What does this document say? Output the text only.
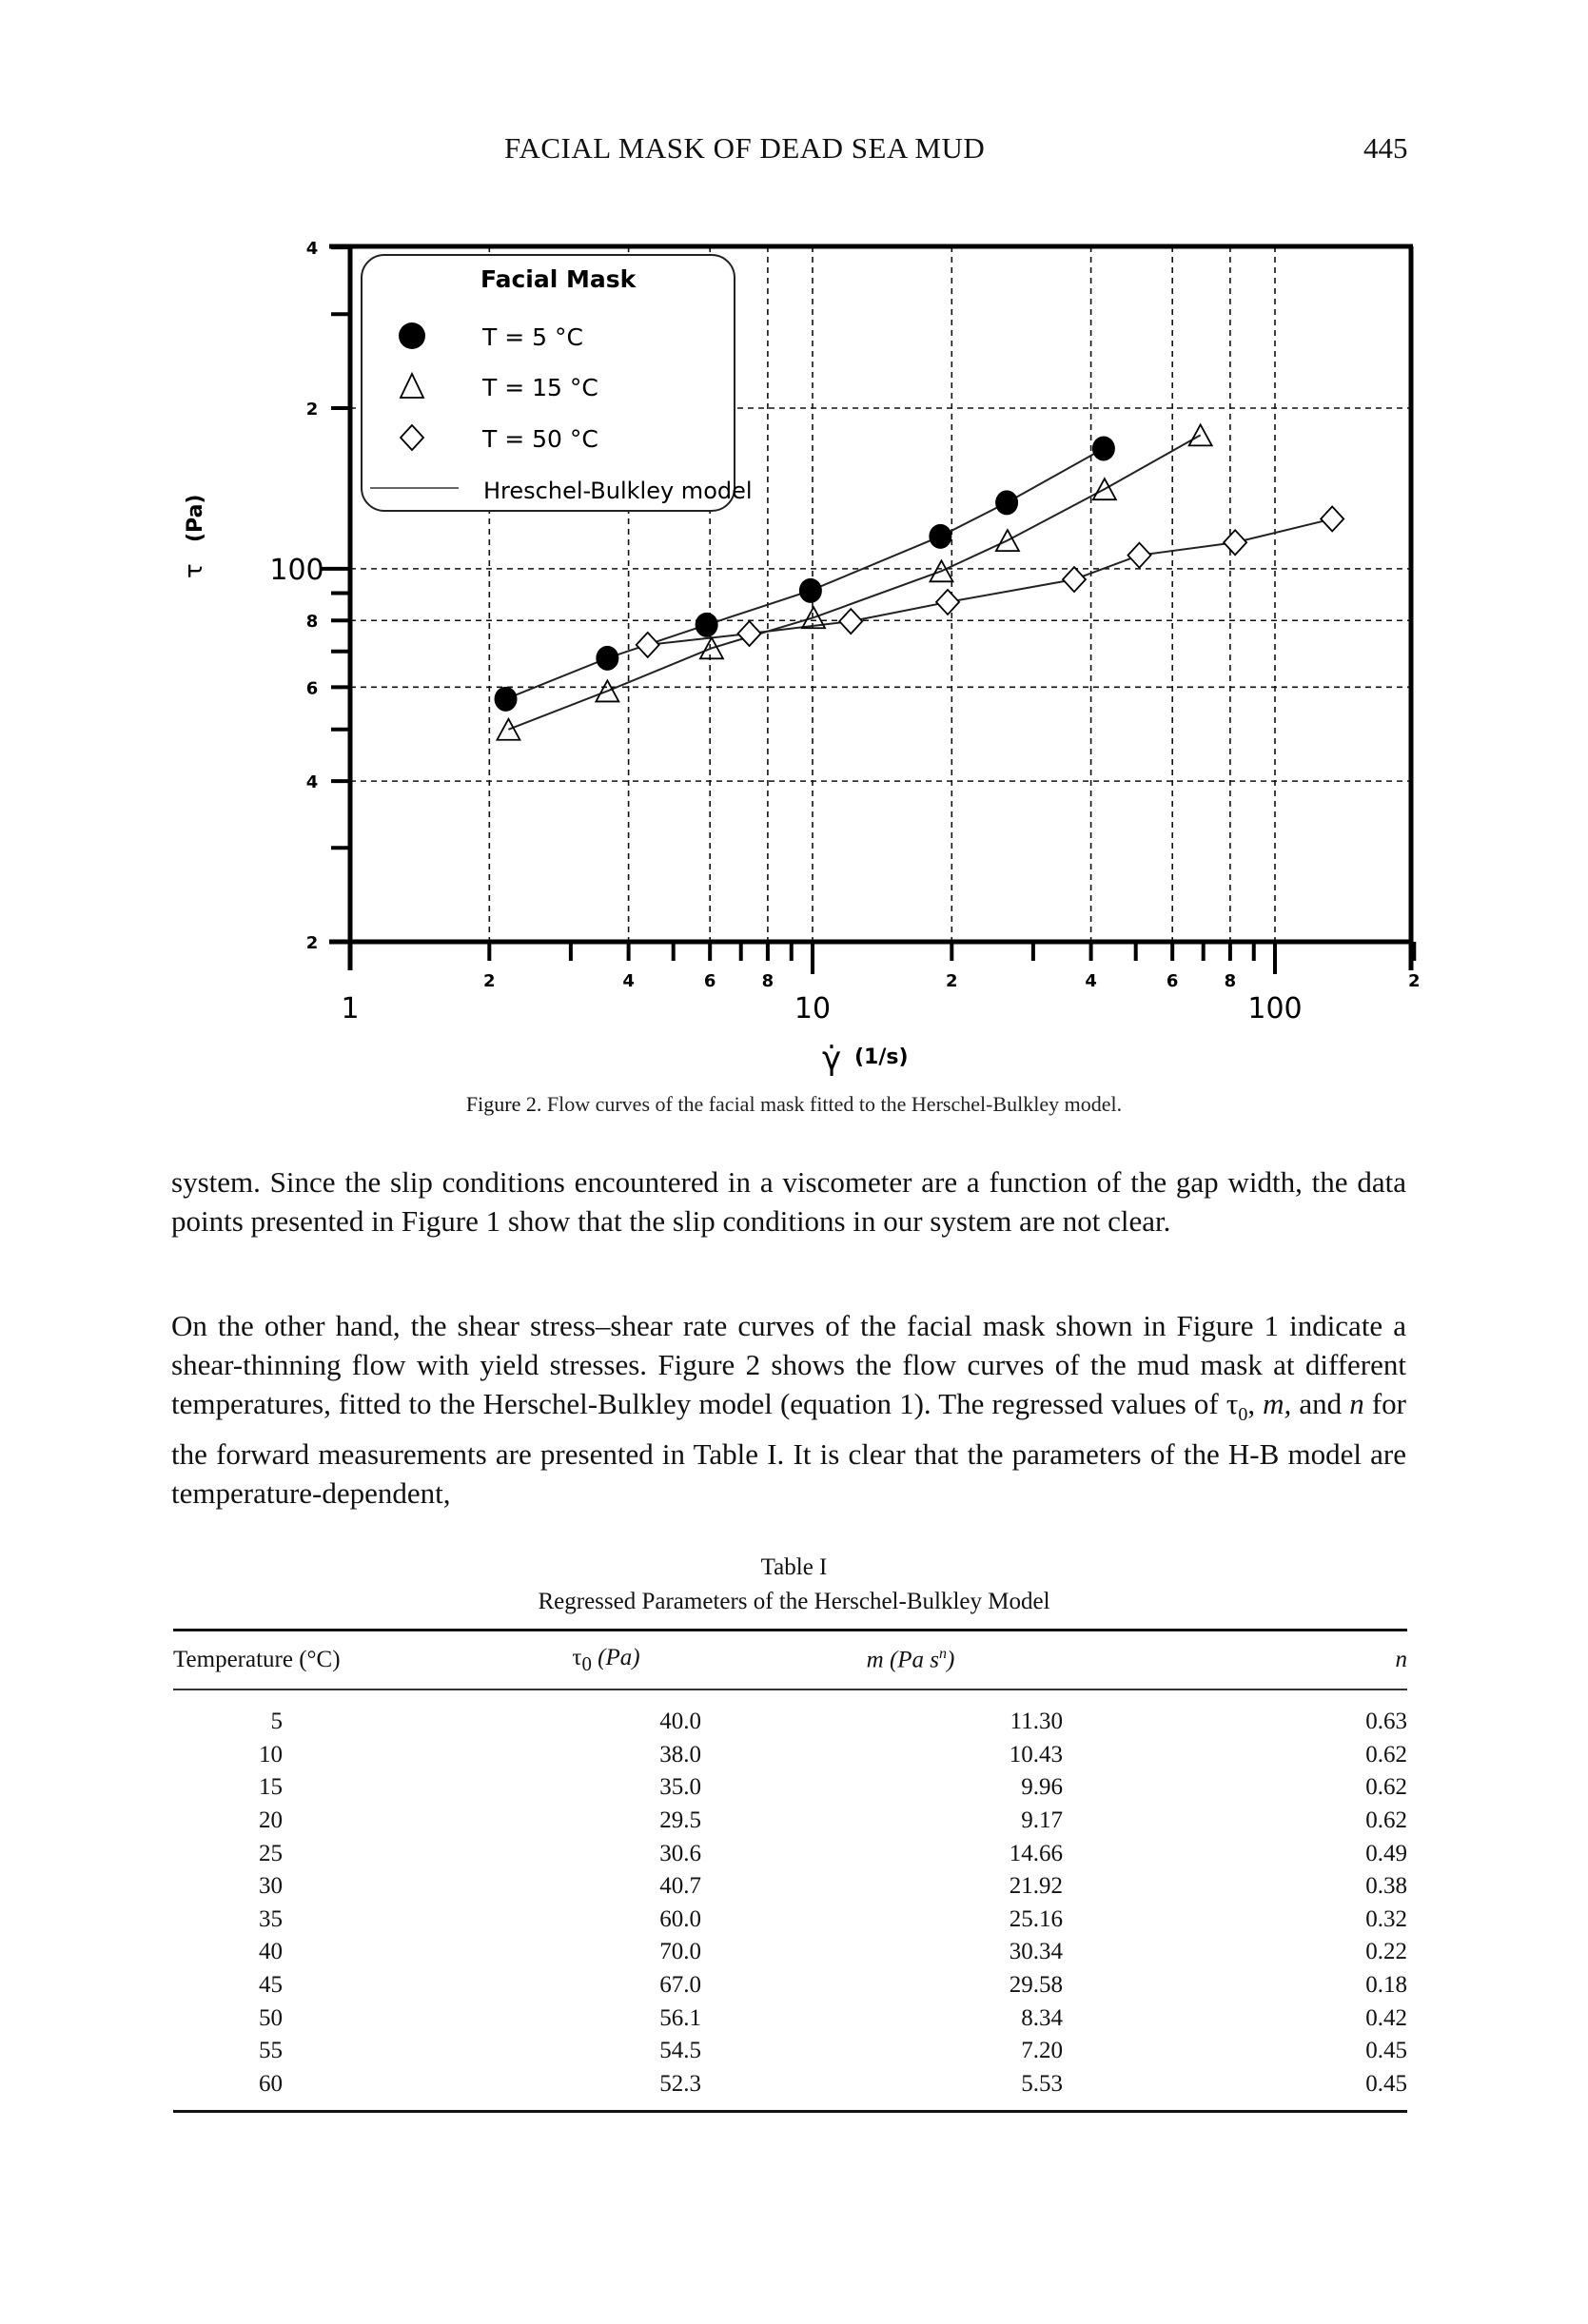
FACIAL MASK OF DEAD SEA MUD	445
2	4	6	8	2	4	6	8	2
1	10	100
4
2
100
8
6
4
2
Facial Mask
T = 5 °C
T = 15 °C
T = 50 °C
Hreschel-Bulkley model
τ
(Pa)
γ̇ (1/s)
Figure 2. Flow curves of the facial mask fitted to the Herschel-Bulkley model.

system. Since the slip conditions encountered in a viscometer are a function of the gap width, the data points presented in Figure 1 show that the slip conditions in our system are not clear.

On the other hand, the shear stress–shear rate curves of the facial mask shown in Figure 1 indicate a shear-thinning flow with yield stresses. Figure 2 shows the flow curves of the mud mask at different temperatures, fitted to the Herschel-Bulkley model (equation 1). The regressed values of $\tau_0$, m, and n for the forward measurements are presented in Table I. It is clear that the parameters of the H-B model are temperature-dependent,

Table I
Regressed Parameters of the Herschel-Bulkley Model
Temperature (°C)	$\tau_0$ (Pa)	m (Pa $s^n$)	n
5	40.0	11.30	0.63
10	38.0	10.43	0.62
15	35.0	9.96	0.62
20	29.5	9.17	0.62
25	30.6	14.66	0.49
30	40.7	21.92	0.38
35	60.0	25.16	0.32
40	70.0	30.34	0.22
45	67.0	29.58	0.18
50	56.1	8.34	0.42
55	54.5	7.20	0.45
60	52.3	5.53	0.45
